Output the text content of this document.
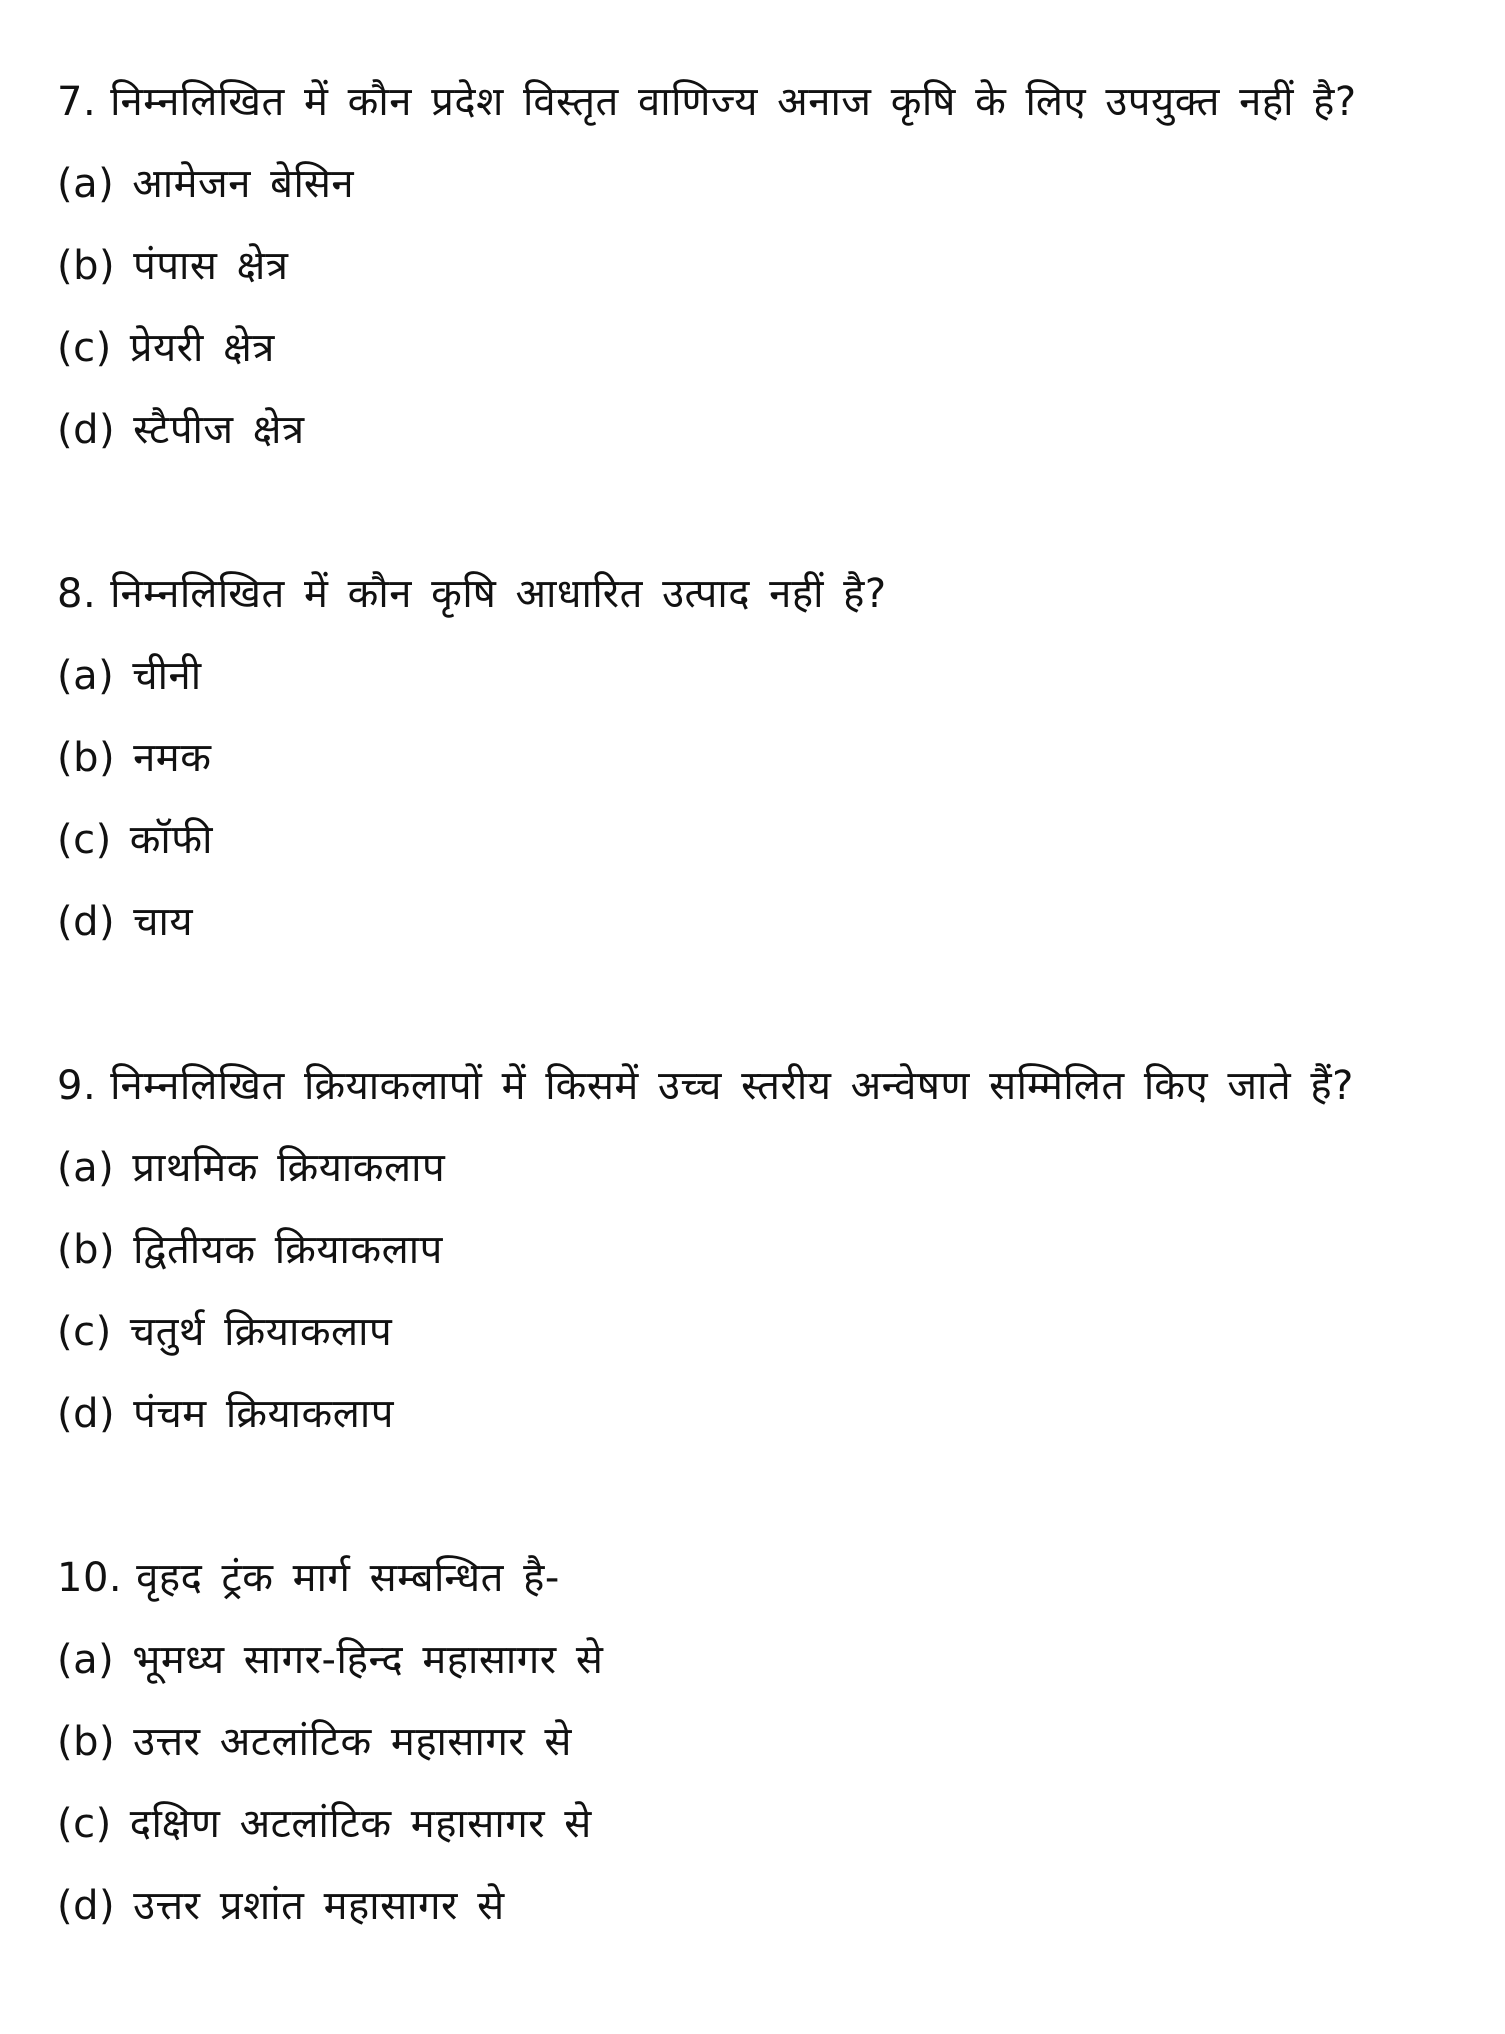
7. निम्नलिखित में कौन प्रदेश विस्तृत वाणिज्य अनाज कृषि के लिए उपयुक्त नहीं है?
(a) आमेजन बेसिन
(b) पंपास क्षेत्र
(c) प्रेयरी क्षेत्र
(d) स्टैपीज क्षेत्र
8. निम्नलिखित में कौन कृषि आधारित उत्पाद नहीं है?
(a) चीनी
(b) नमक
(c) कॉफी
(d) चाय
9. निम्नलिखित क्रियाकलापों में किसमें उच्च स्तरीय अन्वेषण सम्मिलित किए जाते हैं?
(a) प्राथमिक क्रियाकलाप
(b) द्वितीयक क्रियाकलाप
(c) चतुर्थ क्रियाकलाप
(d) पंचम क्रियाकलाप
10. वृहद ट्रंक मार्ग सम्बन्धित है-
(a) भूमध्य सागर-हिन्द महासागर से
(b) उत्तर अटलांटिक महासागर से
(c) दक्षिण अटलांटिक महासागर से
(d) उत्तर प्रशांत महासागर से
